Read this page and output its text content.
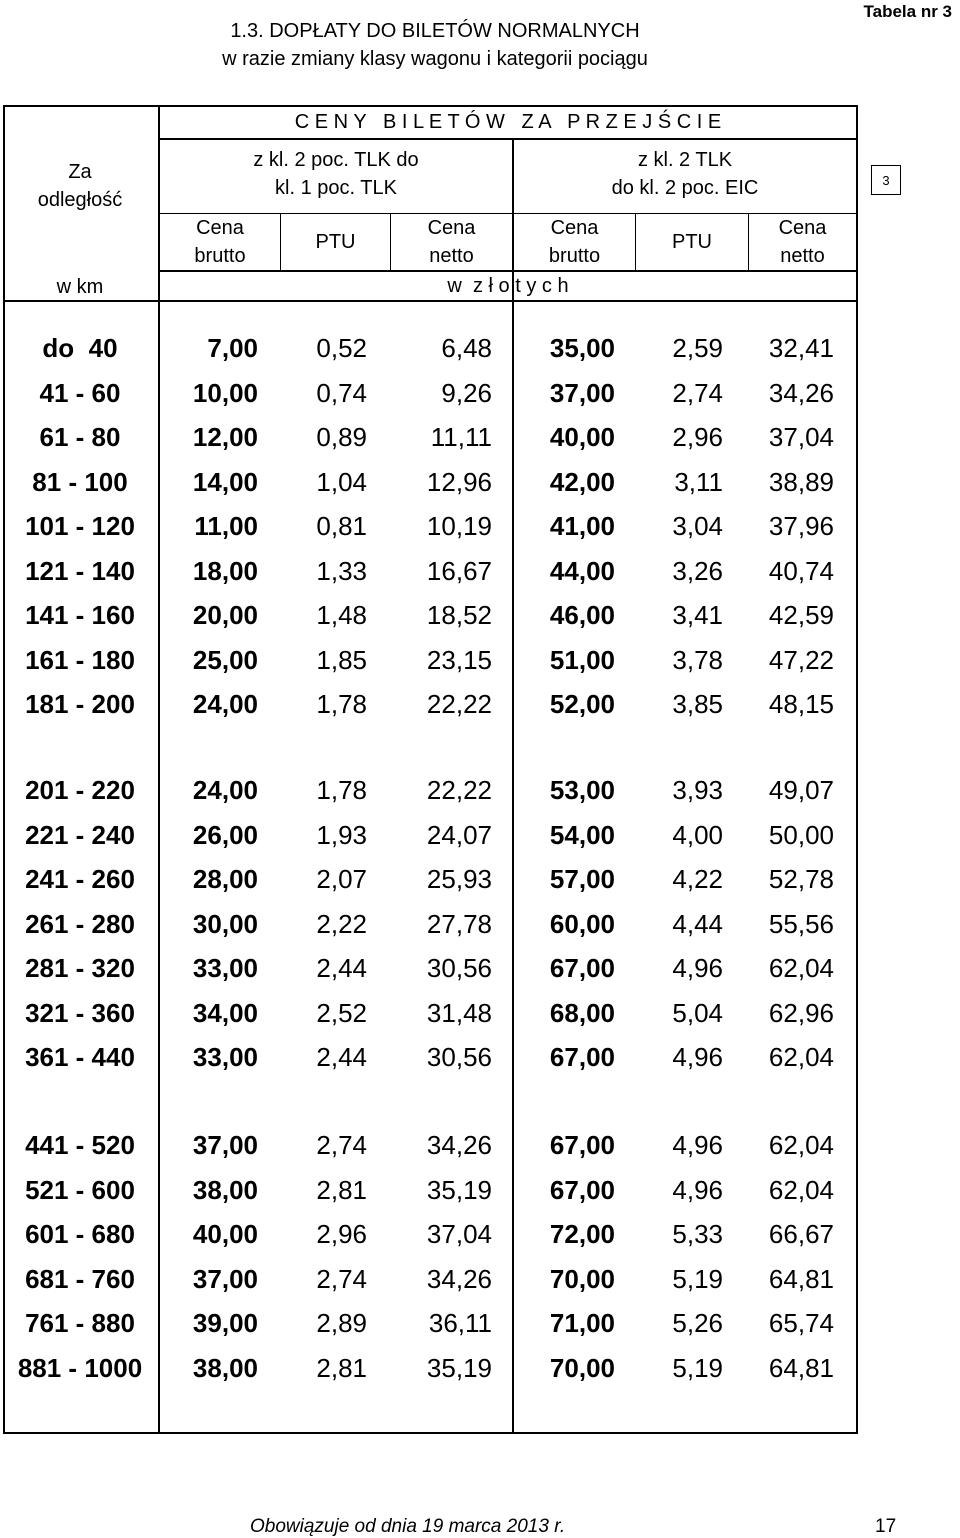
1.3. DOPŁATY DO BILETÓW NORMALNYCH
w razie zmiany klasy wagonu i kategorii pociągu
Tabela nr 3
3
Za
odległość
w km
C E N Y   B I L E T Ó W   Z A   P R Z E J Ś C I E
z kl. 2 poc. TLK do
kl. 1 poc. TLK
z kl. 2 TLK
do kl. 2 poc. EIC
Cena
brutto
PTU
Cena
netto
Cena
brutto
PTU
Cena
netto
w  z ł o t y c h
do  40	7,00	0,52	6,48	35,00	2,59	32,41
41 - 60	10,00	0,74	9,26	37,00	2,74	34,26
61 - 80	12,00	0,89	11,11	40,00	2,96	37,04
81 - 100	14,00	1,04	12,96	42,00	3,11	38,89
101 - 120	11,00	0,81	10,19	41,00	3,04	37,96
121 - 140	18,00	1,33	16,67	44,00	3,26	40,74
141 - 160	20,00	1,48	18,52	46,00	3,41	42,59
161 - 180	25,00	1,85	23,15	51,00	3,78	47,22
181 - 200	24,00	1,78	22,22	52,00	3,85	48,15
201 - 220	24,00	1,78	22,22	53,00	3,93	49,07
221 - 240	26,00	1,93	24,07	54,00	4,00	50,00
241 - 260	28,00	2,07	25,93	57,00	4,22	52,78
261 - 280	30,00	2,22	27,78	60,00	4,44	55,56
281 - 320	33,00	2,44	30,56	67,00	4,96	62,04
321 - 360	34,00	2,52	31,48	68,00	5,04	62,96
361 - 440	33,00	2,44	30,56	67,00	4,96	62,04
441 - 520	37,00	2,74	34,26	67,00	4,96	62,04
521 - 600	38,00	2,81	35,19	67,00	4,96	62,04
601 - 680	40,00	2,96	37,04	72,00	5,33	66,67
681 - 760	37,00	2,74	34,26	70,00	5,19	64,81
761 - 880	39,00	2,89	36,11	71,00	5,26	65,74
881 - 1000	38,00	2,81	35,19	70,00	5,19	64,81
Obowiązuje od dnia 19 marca 2013 r.	17
